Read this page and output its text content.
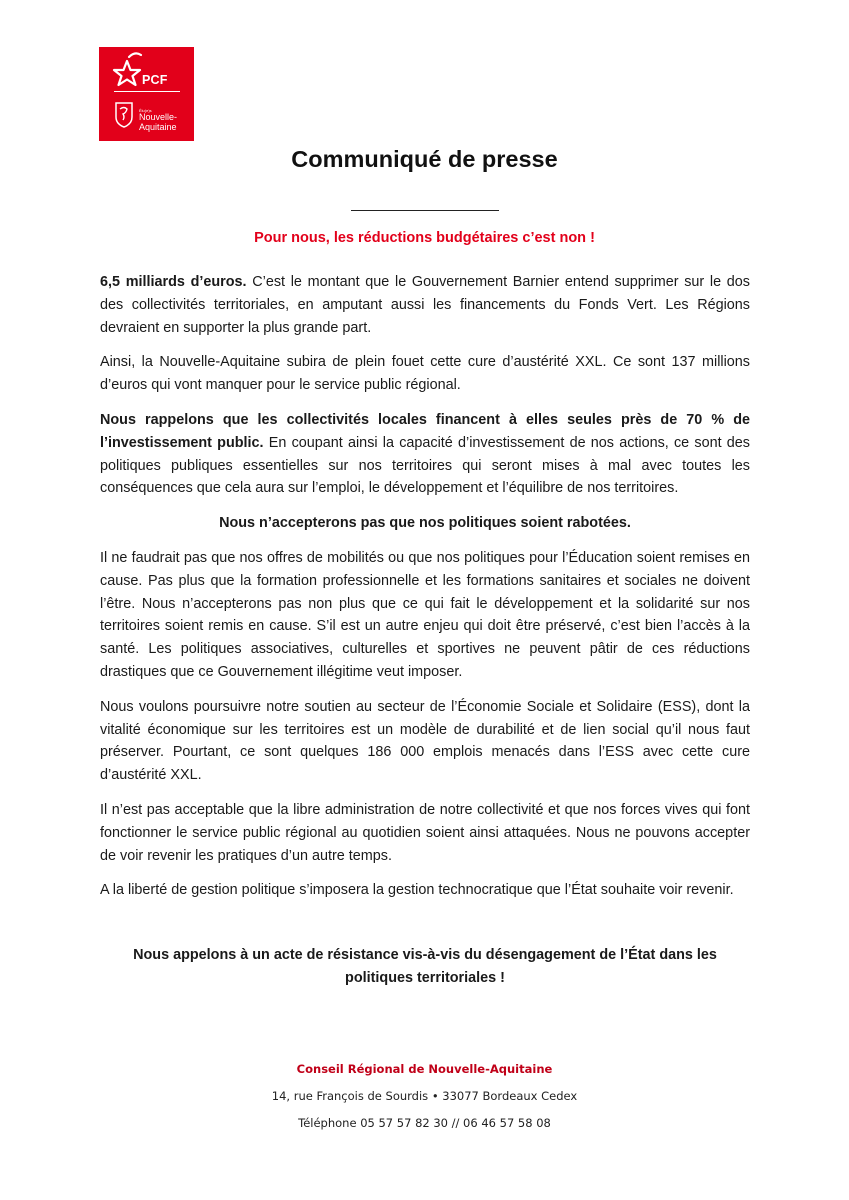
PCF
Élu(e)s
Nouvelle-
Aquitaine
Communiqué de presse
Pour nous, les réductions budgétaires c’est non !

6,5 milliards d’euros. C’est le montant que le Gouvernement Barnier entend supprimer sur le dos des collectivités territoriales, en amputant aussi les financements du Fonds Vert. Les Régions devraient en supporter la plus grande part.

Ainsi, la Nouvelle-Aquitaine subira de plein fouet cette cure d’austérité XXL. Ce sont 137 millions d’euros qui vont manquer pour le service public régional.

Nous rappelons que les collectivités locales financent à elles seules près de 70 % de l’investissement public. En coupant ainsi la capacité d’investissement de nos actions, ce sont des politiques publiques essentielles sur nos territoires qui seront mises à mal avec toutes les conséquences que cela aura sur l’emploi, le développement et l’équilibre de nos territoires.

Nous n’accepterons pas que nos politiques soient rabotées.

Il ne faudrait pas que nos offres de mobilités ou que nos politiques pour l’Éducation soient remises en cause. Pas plus que la formation professionnelle et les formations sanitaires et sociales ne doivent l’être. Nous n’accepterons pas non plus que ce qui fait le développement et la solidarité sur nos territoires soient remis en cause. S’il est un autre enjeu qui doit être préservé, c’est bien l’accès à la santé. Les politiques associatives, culturelles et sportives ne peuvent pâtir de ces réductions drastiques que ce Gouvernement illégitime veut imposer.

Nous voulons poursuivre notre soutien au secteur de l’Économie Sociale et Solidaire (ESS), dont la vitalité économique sur les territoires est un modèle de durabilité et de lien social qu’il nous faut préserver. Pourtant, ce sont quelques 186 000 emplois menacés dans l’ESS avec cette cure d’austérité XXL.

Il n’est pas acceptable que la libre administration de notre collectivité et que nos forces vives qui font fonctionner le service public régional au quotidien soient ainsi attaquées. Nous ne pouvons accepter de voir revenir les pratiques d’un autre temps.

A la liberté de gestion politique s’imposera la gestion technocratique que l’État souhaite voir revenir.

Nous appelons à un acte de résistance vis-à-vis du désengagement de l’État dans les
politiques territoriales !
Conseil Régional de Nouvelle-Aquitaine
14, rue François de Sourdis • 33077 Bordeaux Cedex
Téléphone 05 57 57 82 30 // 06 46 57 58 08
